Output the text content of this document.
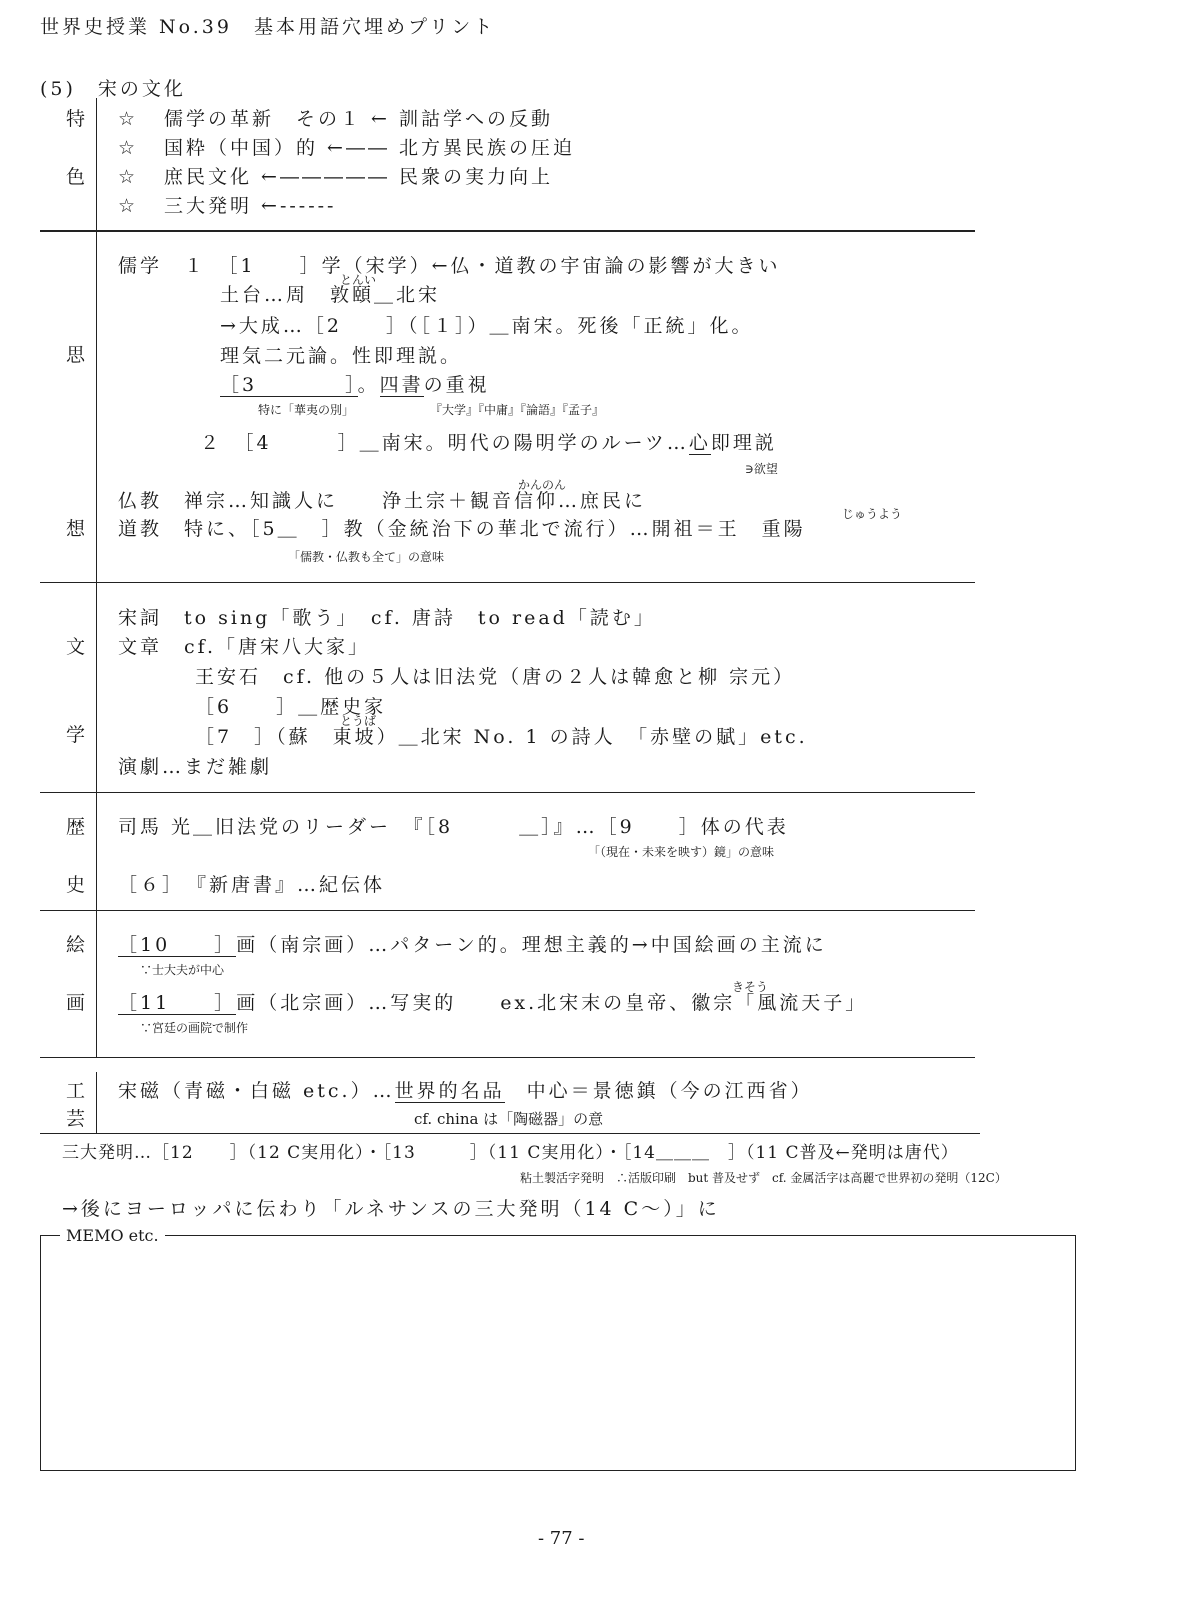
世界史授業 No.39　基本用語穴埋めプリント
(5)　宋の文化
特
色
☆ 儒学の革新　その１ ← 訓詁学への反動
☆ 国粋（中国）的 ←―― 北方異民族の圧迫
☆ 庶民文化 ←――――― 民衆の実力向上
☆ 三大発明 ←‐‐‐‐‐‐
思
想
儒学　１　［1　　］学（宋学）←仏・道教の宇宙論の影響が大きい
とんい
土台…周　敦頤＿北宋
→大成…［2　　］（［１］）＿南宋。死後「正統」化。
理気二元論。性即理説。
［3　　　　］。四書の重視
特に「華夷の別」	『大学』『中庸』『論語』『孟子』
２　［4　　　］＿南宋。明代の陽明学のルーツ…心即理説
∋欲望
かんのん
仏教　禅宗…知識人に　　浄土宗＋観音信仰…庶民に
じゅうよう
道教　特に、［5＿　］教（金統治下の華北で流行）…開祖＝王　重陽
「儒教・仏教も全て」の意味
文
学
宋詞　to sing「歌う」　cf. 唐詩　to read「読む」
文章　cf.「唐宋八大家」
王安石　cf. 他の５人は旧法党（唐の２人は韓愈と柳 宗元）
［6　　］＿歴史家
とうば
［7　］（蘇　東坡）＿北宋 No. 1 の詩人　「赤壁の賦」etc.
演劇…まだ雑劇
歴
史
司馬 光＿旧法党のリーダー　『［8　　　＿］』…［9　　］体の代表
「（現在・未来を映す）鏡」の意味
［６］　『新唐書』…紀伝体
絵
画
［10　　］画（南宗画）…パターン的。理想主義的→中国絵画の主流に
∵士大夫が中心
きそう
［11　　］画（北宗画）…写実的　　ex.北宋末の皇帝、徽宗「風流天子」
∵宮廷の画院で制作
工
芸
宋磁（青磁・白磁 etc.）…世界的名品　中心＝景徳鎮（今の江西省）
cf. china は「陶磁器」の意
三大発明…［12　　］（12 C実用化）・［13　　　］（11 C実用化）・［14＿＿＿　］（11 C普及←発明は唐代）
粘土製活字発明　∴活版印刷　but 普及せず　cf. 金属活字は高麗で世界初の発明（12C）
→後にヨーロッパに伝わり「ルネサンスの三大発明（14 C〜）」に
MEMO etc.
- 77 -
